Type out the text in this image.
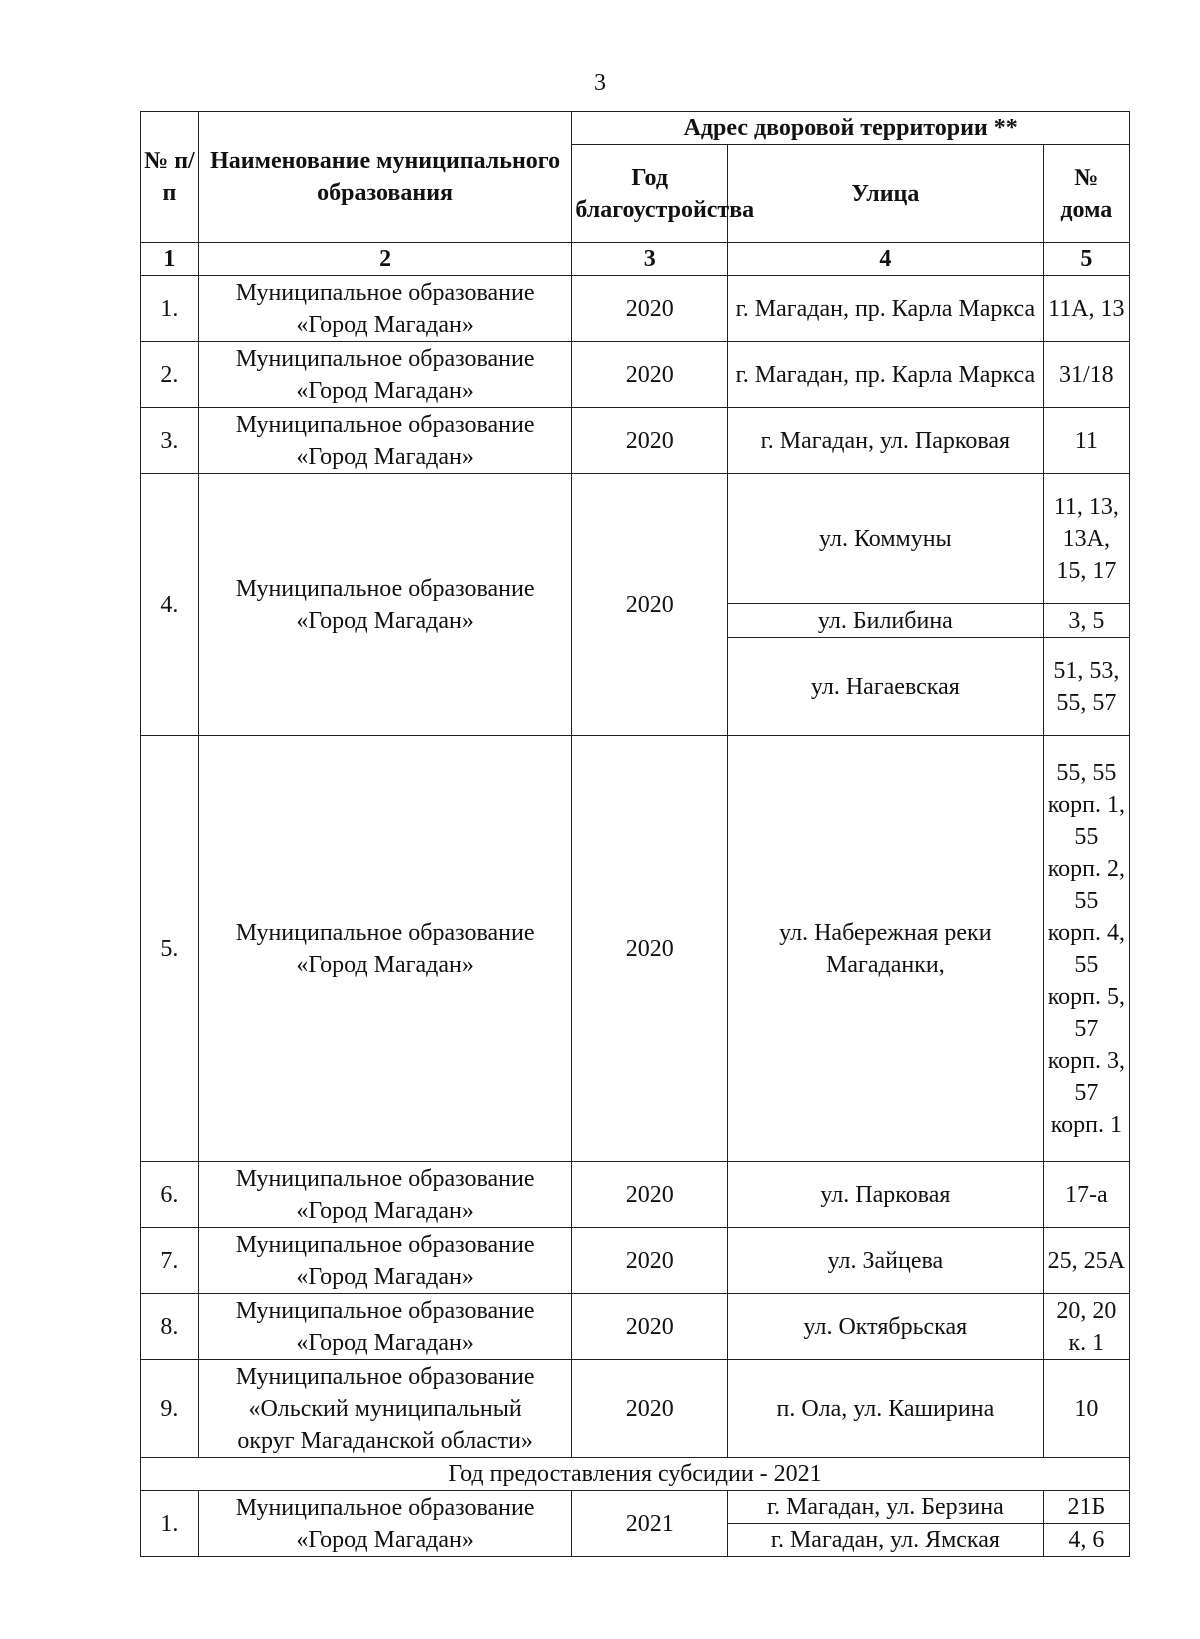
3
№ п/п	Наименование муниципального образования	Адрес дворовой территории **		
		Год благоустройства	Улица	№ дома
1	2	3	4	5
1.	Муниципальное образование
«Город Магадан»	2020	г. Магадан, пр. Карла Маркса	11А, 13
2.	Муниципальное образование
«Город Магадан»	2020	г. Магадан, пр. Карла Маркса	31/18
3.	Муниципальное образование
«Город Магадан»	2020	г. Магадан, ул. Парковая	11
4.	Муниципальное образование
«Город Магадан»	2020	ул. Коммуны	11, 13, 13А, 15, 17
			ул. Билибина	3, 5
			ул. Нагаевская	51, 53, 55, 57
5.	Муниципальное образование
«Город Магадан»	2020	ул. Набережная реки Магаданки,	55, 55 корп. 1, 55 корп. 2, 55 корп. 4, 55 корп. 5, 57 корп. 3, 57 корп. 1
6.	Муниципальное образование
«Город Магадан»	2020	ул. Парковая	17-а
7.	Муниципальное образование
«Город Магадан»	2020	ул. Зайцева	25, 25А
8.	Муниципальное образование
«Город Магадан»	2020	ул. Октябрьская	20, 20 к. 1
9.	Муниципальное образование
«Ольский муниципальный
округ Магаданской области»	2020	п. Ола, ул. Каширина	10
Год предоставления субсидии - 2021				
1.	Муниципальное образование
«Город Магадан»	2021	г. Магадан, ул. Берзина	21Б
			г. Магадан, ул. Ямская	4, 6
